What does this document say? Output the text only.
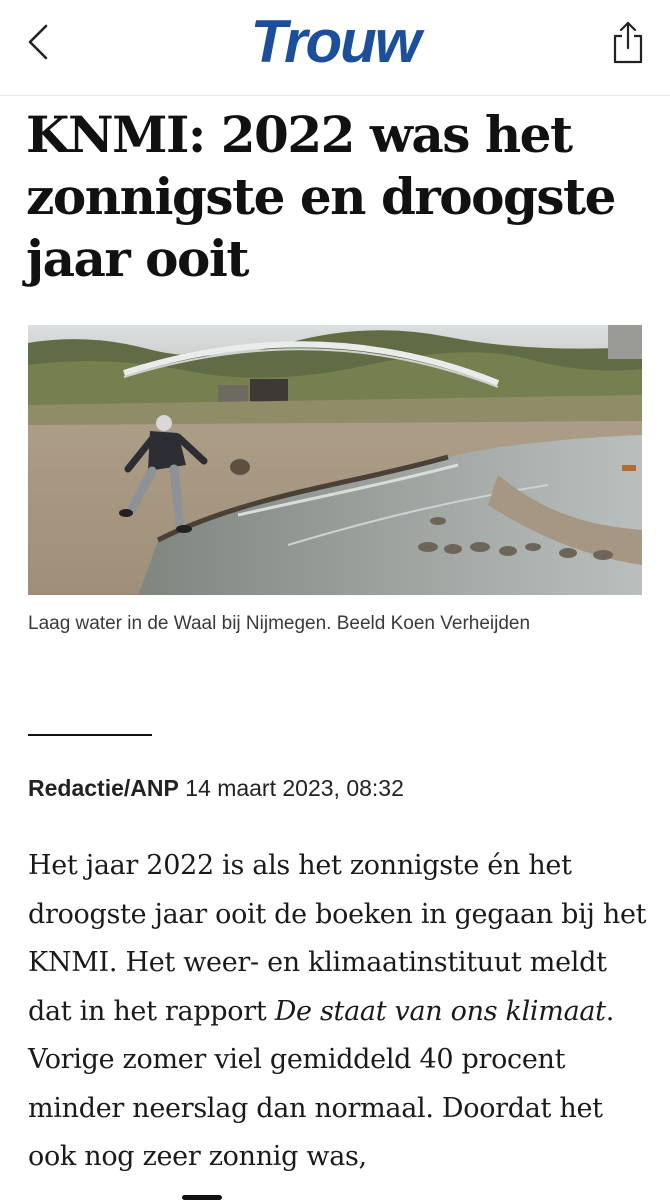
Trouw
KNMI: 2022 was het zonnigste en droogste jaar ooit
Laag water in de Waal bij Nijmegen. Beeld Koen Verheijden
Redactie/ANP 14 maart 2023, 08:32

Het jaar 2022 is als het zonnigste én het droogste jaar ooit de boeken in gegaan bij het KNMI. Het weer- en klimaatinstituut meldt dat in het rapport De staat van ons klimaat. Vorige zomer viel gemiddeld 40 procent minder neerslag dan normaal. Doordat het ook nog zeer zonnig was,
